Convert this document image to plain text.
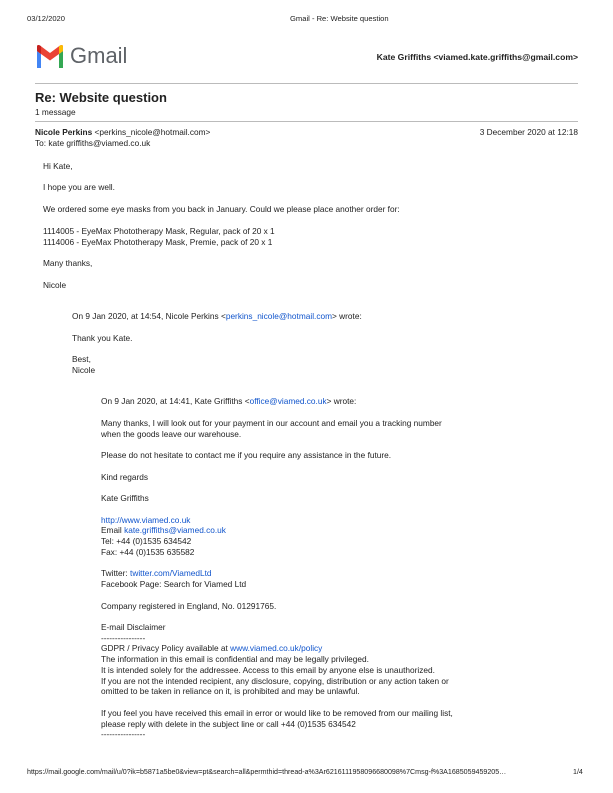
03/12/2020	Gmail - Re: Website question
Gmail	Kate Griffiths <viamed.kate.griffiths@gmail.com>
Re: Website question
1 message
Nicole Perkins <perkins_nicole@hotmail.com>	3 December 2020 at 12:18
To: kate griffiths@viamed.co.uk
Hi Kate,
I hope you are well.
We ordered some eye masks from you back in January. Could we please place another order for:
1114005 - EyeMax Phototherapy Mask, Regular, pack of 20 x 1
1114006 - EyeMax Phototherapy Mask, Premie, pack of 20 x 1
Many thanks,
Nicole
On 9 Jan 2020, at 14:54, Nicole Perkins <perkins_nicole@hotmail.com> wrote:
Thank you Kate.
Best,
Nicole
On 9 Jan 2020, at 14:41, Kate Griffiths <office@viamed.co.uk> wrote:
Many thanks, I will look out for your payment in our account and email you a tracking number
when the goods leave our warehouse.
Please do not hesitate to contact me if you require any assistance in the future.
Kind regards
Kate Griffiths
http://www.viamed.co.uk
Email kate.griffiths@viamed.co.uk
Tel: +44 (0)1535 634542
Fax: +44 (0)1535 635582
Twitter: twitter.com/ViamedLtd
Facebook Page: Search for Viamed Ltd
Company registered in England, No. 01291765.
E-mail Disclaimer
----------------
GDPR / Privacy Policy available at www.viamed.co.uk/policy
The information in this email is confidential and may be legally privileged.
It is intended solely for the addressee. Access to this email by anyone else is unauthorized.
If you are not the intended recipient, any disclosure, copying, distribution or any action taken or
omitted to be taken in reliance on it, is prohibited and may be unlawful.
If you feel you have received this email in error or would like to be removed from our mailing list,
please reply with delete in the subject line or call +44 (0)1535 634542
----------------
https://mail.google.com/mail/u/0?ik=b5871a5be0&view=pt&search=all&permthid=thread-a%3Ar6216111958096680098%7Cmsg-f%3A1685059459205…	1/4
